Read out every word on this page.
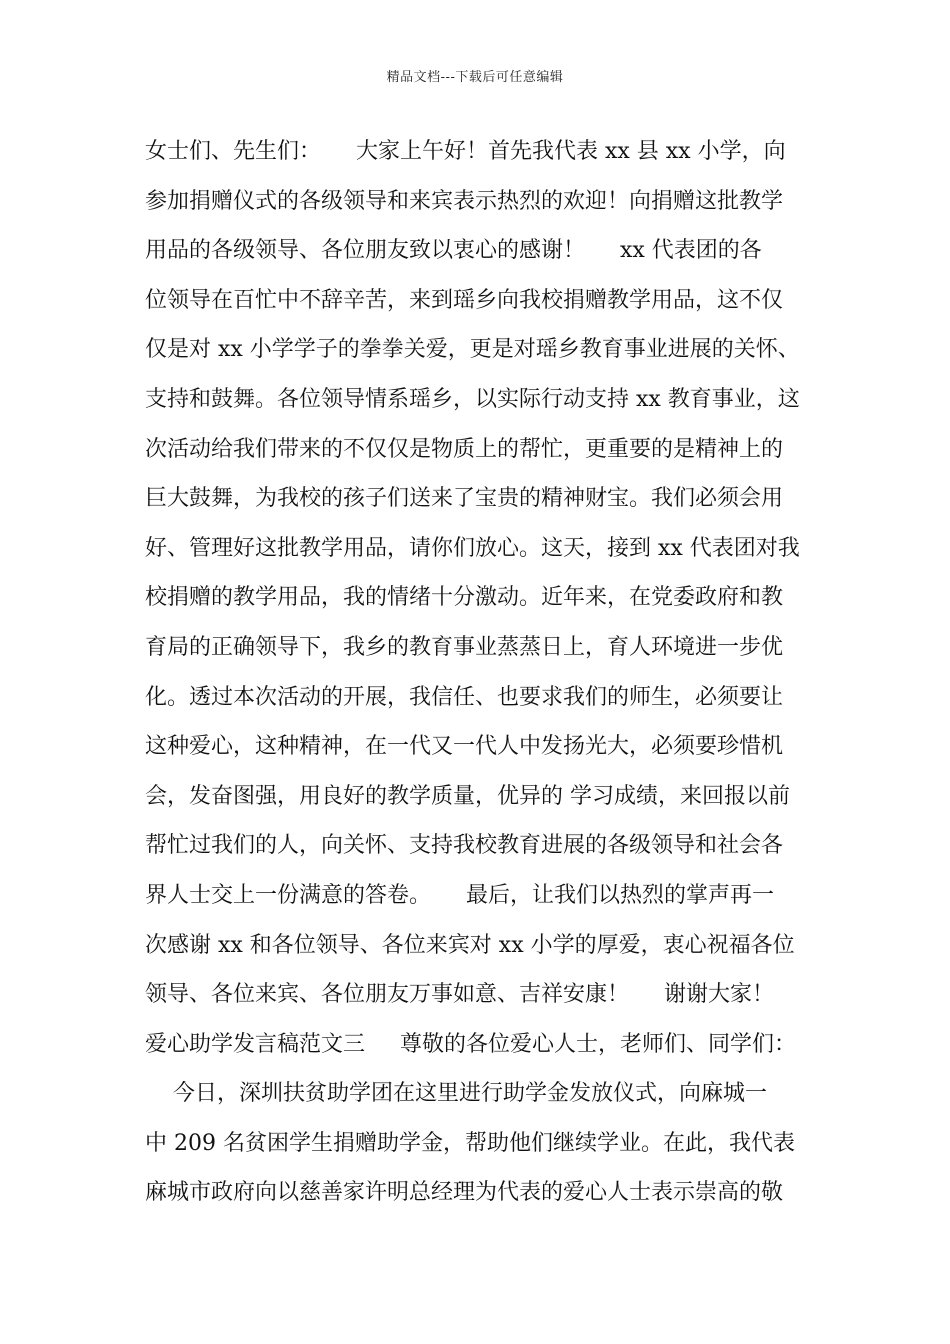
精品文档---下载后可任意编辑
女士们、先生们：     大家上午好！首先我代表 xx 县 xx 小学，向
参加捐赠仪式的各级领导和来宾表示热烈的欢迎！向捐赠这批教学
用品的各级领导、各位朋友致以衷心的感谢！     xx 代表团的各
位领导在百忙中不辞辛苦，来到瑶乡向我校捐赠教学用品，这不仅
仅是对 xx 小学学子的拳拳关爱，更是对瑶乡教育事业进展的关怀、
支持和鼓舞。各位领导情系瑶乡，以实际行动支持 xx 教育事业，这
次活动给我们带来的不仅仅是物质上的帮忙，更重要的是精神上的
巨大鼓舞，为我校的孩子们送来了宝贵的精神财宝。我们必须会用
好、管理好这批教学用品，请你们放心。这天，接到 xx 代表团对我
校捐赠的教学用品，我的情绪十分激动。近年来，在党委政府和教
育局的正确领导下，我乡的教育事业蒸蒸日上，育人环境进一步优
化。透过本次活动的开展，我信任、也要求我们的师生，必须要让
这种爱心，这种精神，在一代又一代人中发扬光大，必须要珍惜机
会，发奋图强，用良好的教学质量，优异的 学习成绩，来回报以前
帮忙过我们的人，向关怀、支持我校教育进展的各级领导和社会各
界人士交上一份满意的答卷。     最后，让我们以热烈的掌声再一
次感谢 xx 和各位领导、各位来宾对 xx 小学的厚爱，衷心祝福各位
领导、各位来宾、各位朋友万事如意、吉祥安康！     谢谢大家！
爱心助学发言稿范文三     尊敬的各位爱心人士，老师们、同学们：
今日，深圳扶贫助学团在这里进行助学金发放仪式，向麻城一
中 209 名贫困学生捐赠助学金，帮助他们继续学业。在此，我代表
麻城市政府向以慈善家许明总经理为代表的爱心人士表示崇高的敬
